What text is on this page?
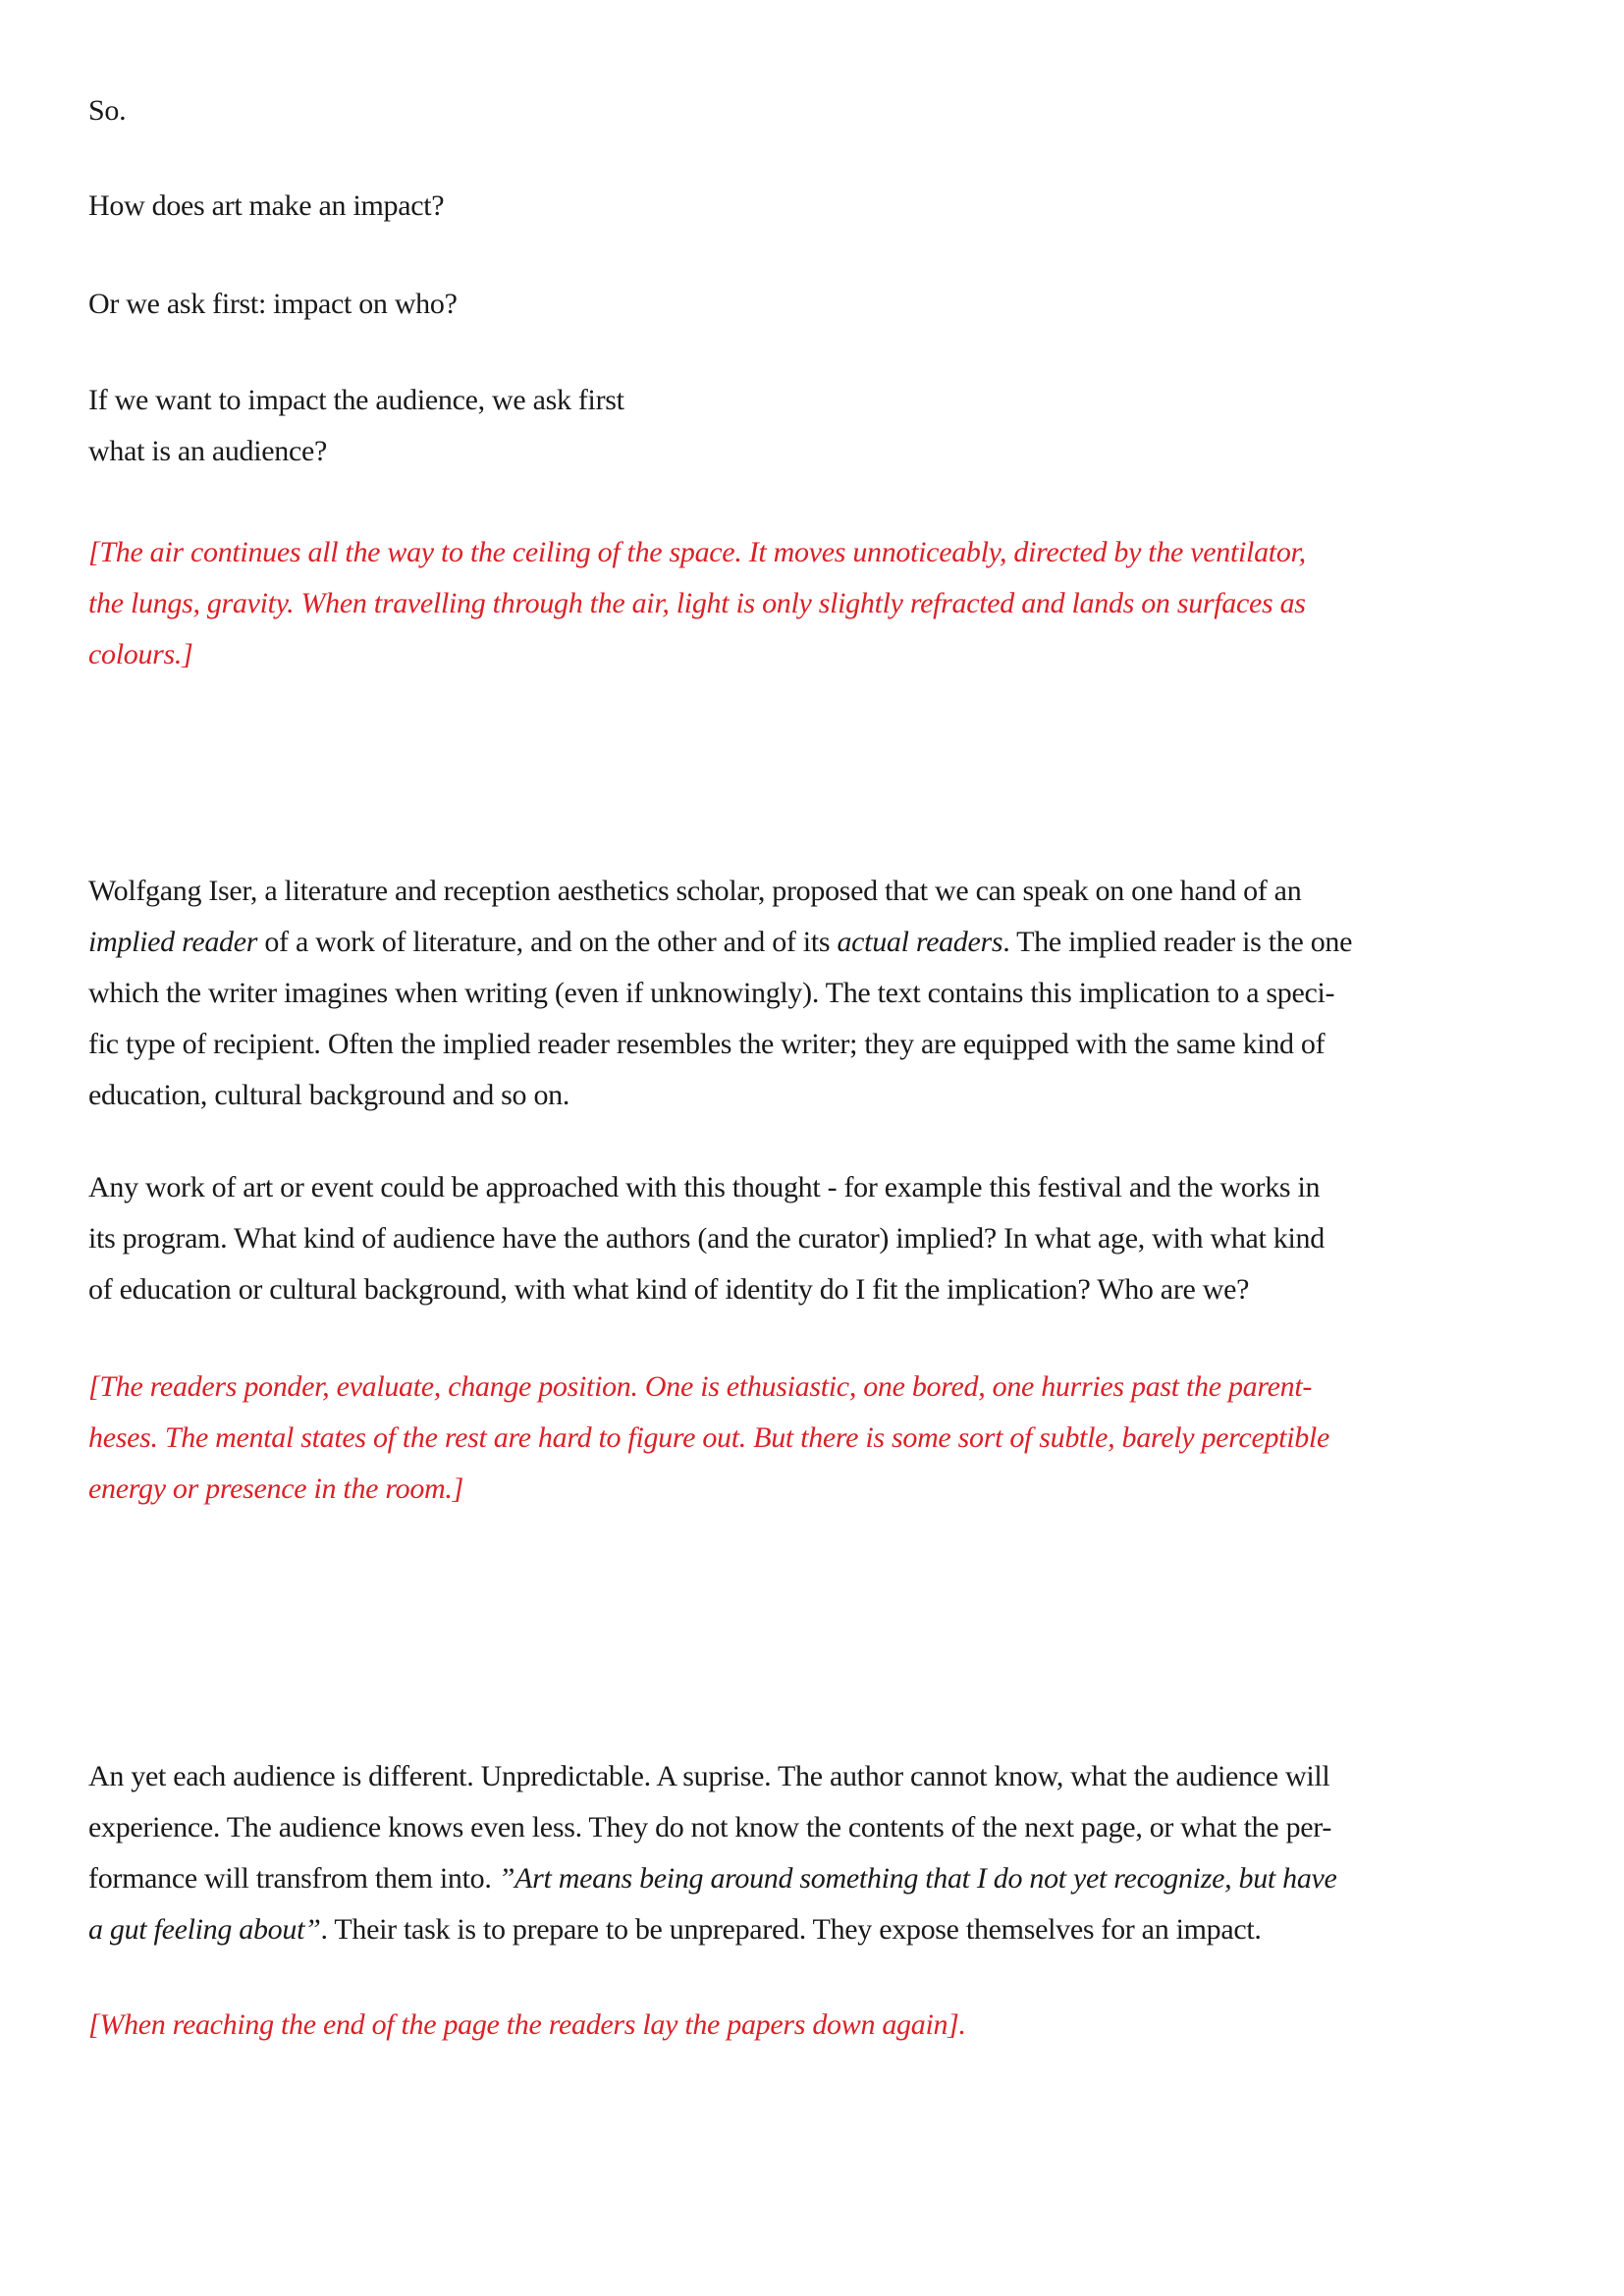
So.
How does art make an impact?
Or we ask first: impact on who?
If we want to impact the audience, we ask first
what is an audience?
[The air continues all the way to the ceiling of the space. It moves unnoticeably, directed by the ventilator,
the lungs, gravity. When travelling through the air, light is only slightly refracted and lands on surfaces as
colours.]
Wolfgang Iser, a literature and reception aesthetics scholar, proposed that we can speak on one hand of an
implied reader of a work of literature, and on the other and of its actual readers. The implied reader is the one
which the writer imagines when writing (even if unknowingly). The text contains this implication to a speci-
fic type of recipient. Often the implied reader resembles the writer; they are equipped with the same kind of
education, cultural background and so on.
Any work of art or event could be approached with this thought - for example this festival and the works in
its program. What kind of audience have the authors (and the curator) implied? In what age, with what kind
of education or cultural background, with what kind of identity do I fit the implication? Who are we?
[The readers ponder, evaluate, change position. One is ethusiastic, one bored, one hurries past the parent-
heses. The mental states of the rest are hard to figure out. But there is some sort of subtle, barely perceptible
energy or presence in the room.]
An yet each audience is different. Unpredictable. A suprise. The author cannot know, what the audience will
experience. The audience knows even less. They do not know the contents of the next page, or what the per-
formance will transfrom them into. ”Art means being around something that I do not yet recognize, but have
a gut feeling about”. Their task is to prepare to be unprepared. They expose themselves for an impact.
[When reaching the end of the page the readers lay the papers down again].
